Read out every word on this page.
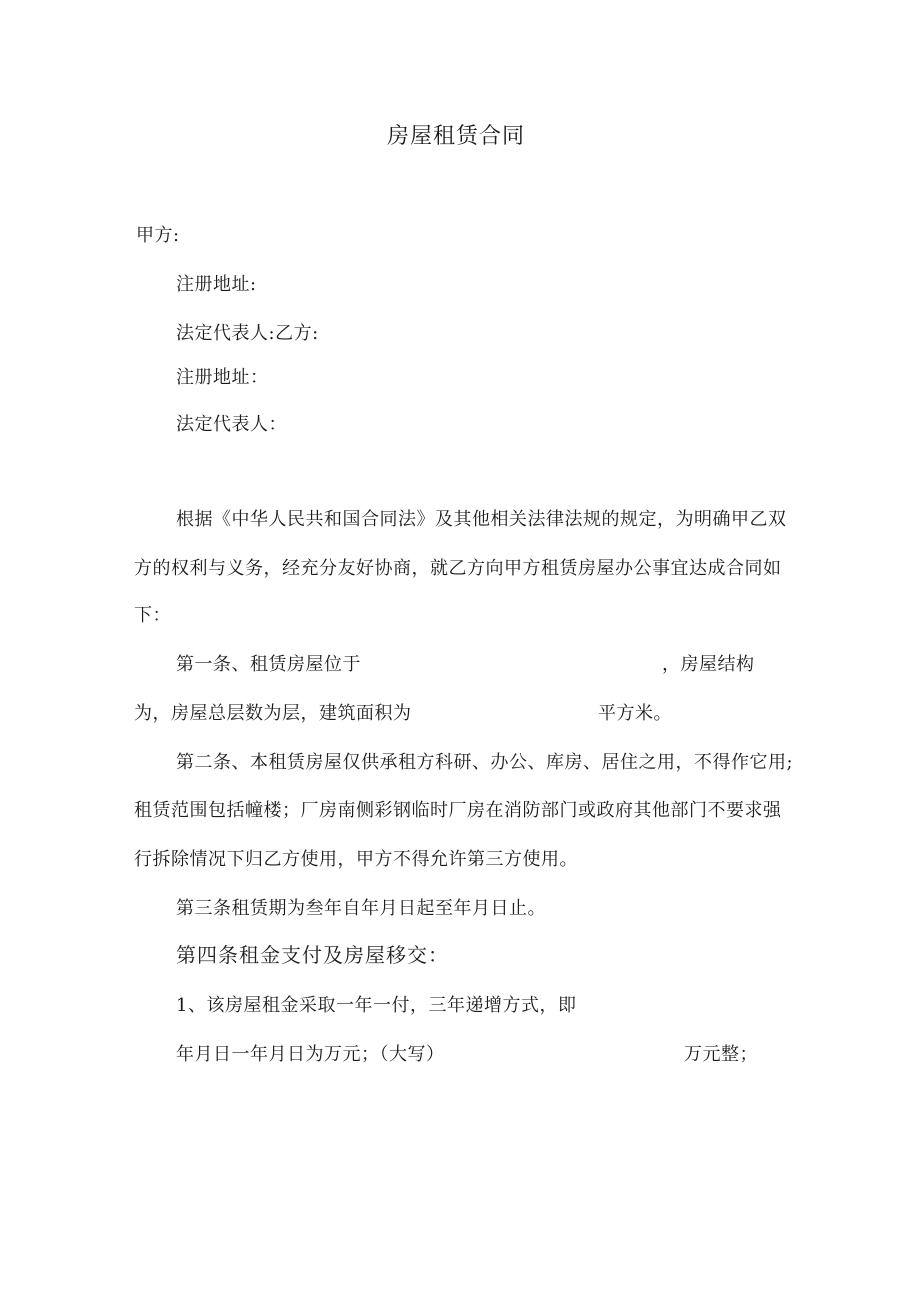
房屋租赁合同
甲方:
注册地址:
法定代表人:乙方:
注册地址：
法定代表人：
根据《中华人民共和国合同法》及其他相关法律法规的规定，为明确甲乙双
方的权利与义务，经充分友好协商，就乙方向甲方租赁房屋办公事宜达成合同如
下：
第一条、租赁房屋位于	，房屋结构
为，房屋总层数为层，建筑面积为	平方米。
第二条、本租赁房屋仅供承租方科研、办公、库房、居住之用，不得作它用;
租赁范围包括幢楼；厂房南侧彩钢临时厂房在消防部门或政府其他部门不要求强
行拆除情况下归乙方使用，甲方不得允许第三方使用。
第三条租赁期为叁年自年月日起至年月日止。
第四条租金支付及房屋移交：
1、该房屋租金采取一年一付，三年递增方式，即
年月日一年月日为万元；（大写）	万元整；
